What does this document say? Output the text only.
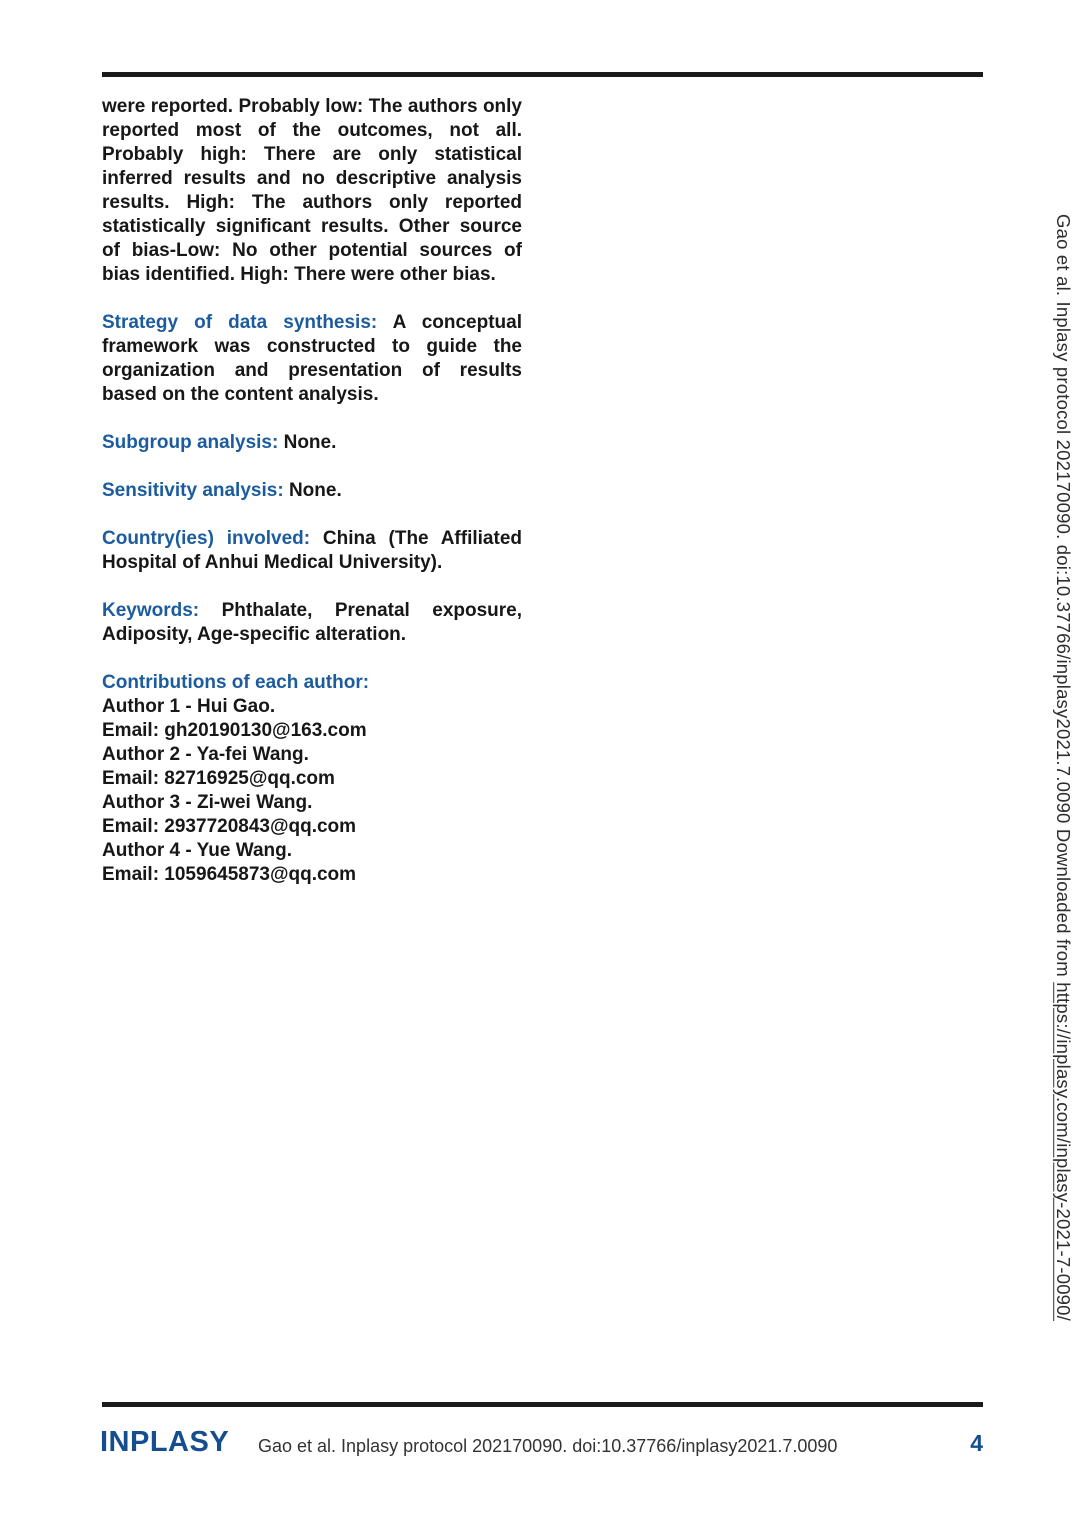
were reported. Probably low: The authors only reported most of the outcomes, not all. Probably high: There are only statistical inferred results and no descriptive analysis results. High: The authors only reported statistically significant results. Other source of bias-Low: No other potential sources of bias identified. High: There were other bias.

Strategy of data synthesis: A conceptual framework was constructed to guide the organization and presentation of results based on the content analysis.

Subgroup analysis: None.

Sensitivity analysis: None.

Country(ies) involved: China (The Affiliated Hospital of Anhui Medical University).

Keywords: Phthalate, Prenatal exposure, Adiposity, Age-specific alteration.

Contributions of each author:

Author 1 - Hui Gao.

Email: gh20190130@163.com

Author 2 - Ya-fei Wang.

Email: 82716925@qq.com

Author 3 - Zi-wei Wang.

Email: 2937720843@qq.com

Author 4 - Yue Wang.

Email: 1059645873@qq.com	Gao et al. Inplasy protocol 202170090. doi:10.37766/inplasy2021.7.0090 Downloaded from https://inplasy.com/inplasy-2021-7-0090/
INPLASY Gao et al. Inplasy protocol 202170090. doi:10.37766/inplasy2021.7.0090	4
